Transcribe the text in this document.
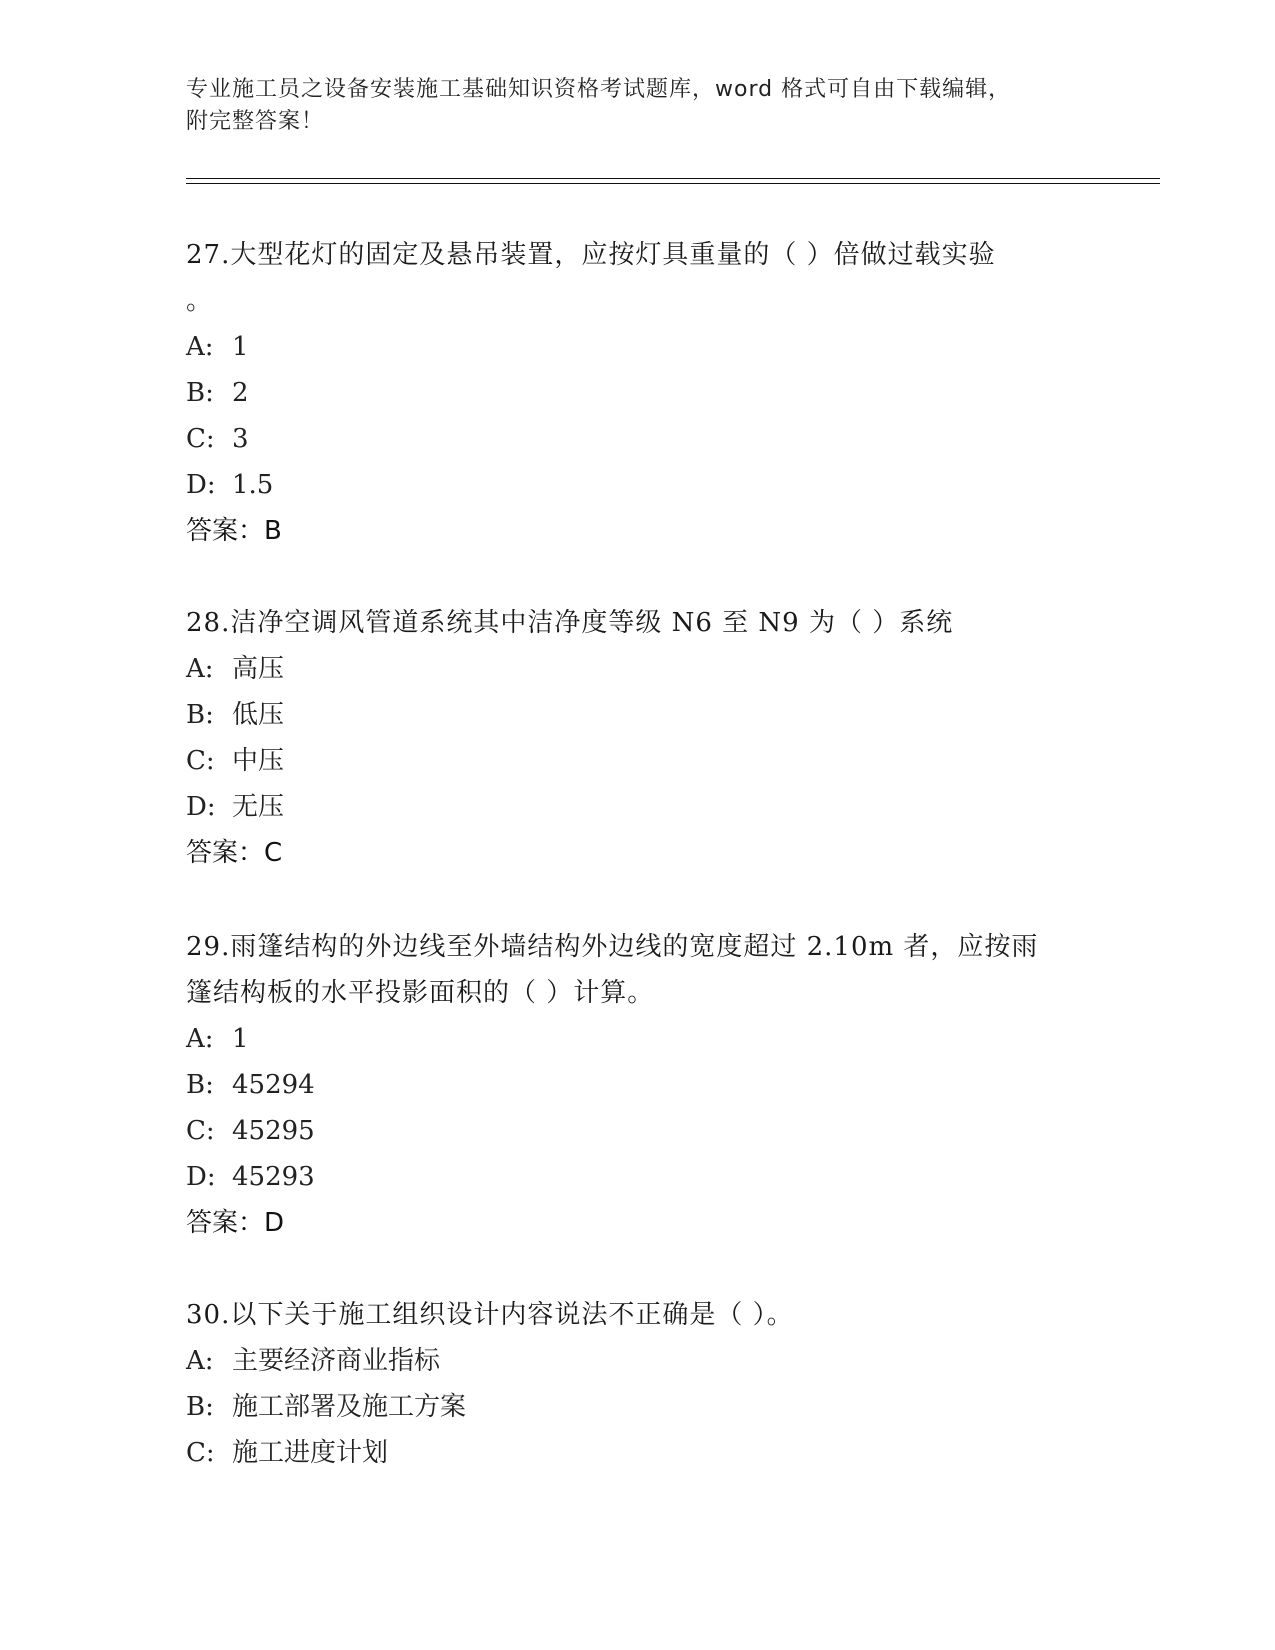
专业施工员之设备安装施工基础知识资格考试题库，word 格式可自由下载编辑，
附完整答案！
27.大型花灯的固定及悬吊装置，应按灯具重量的（ ）倍做过载实验
。
A: 1
B: 2
C: 3
D: 1.5
答案：B
28.洁净空调风管道系统其中洁净度等级 N6 至 N9 为（ ）系统
A: 高压
B: 低压
C: 中压
D: 无压
答案：C
29.雨篷结构的外边线至外墙结构外边线的宽度超过 2.10m 者，应按雨
篷结构板的水平投影面积的（ ）计算。
A: 1
B: 45294
C: 45295
D: 45293
答案：D
30.以下关于施工组织设计内容说法不正确是（ ）。
A: 主要经济商业指标
B: 施工部署及施工方案
C: 施工进度计划
